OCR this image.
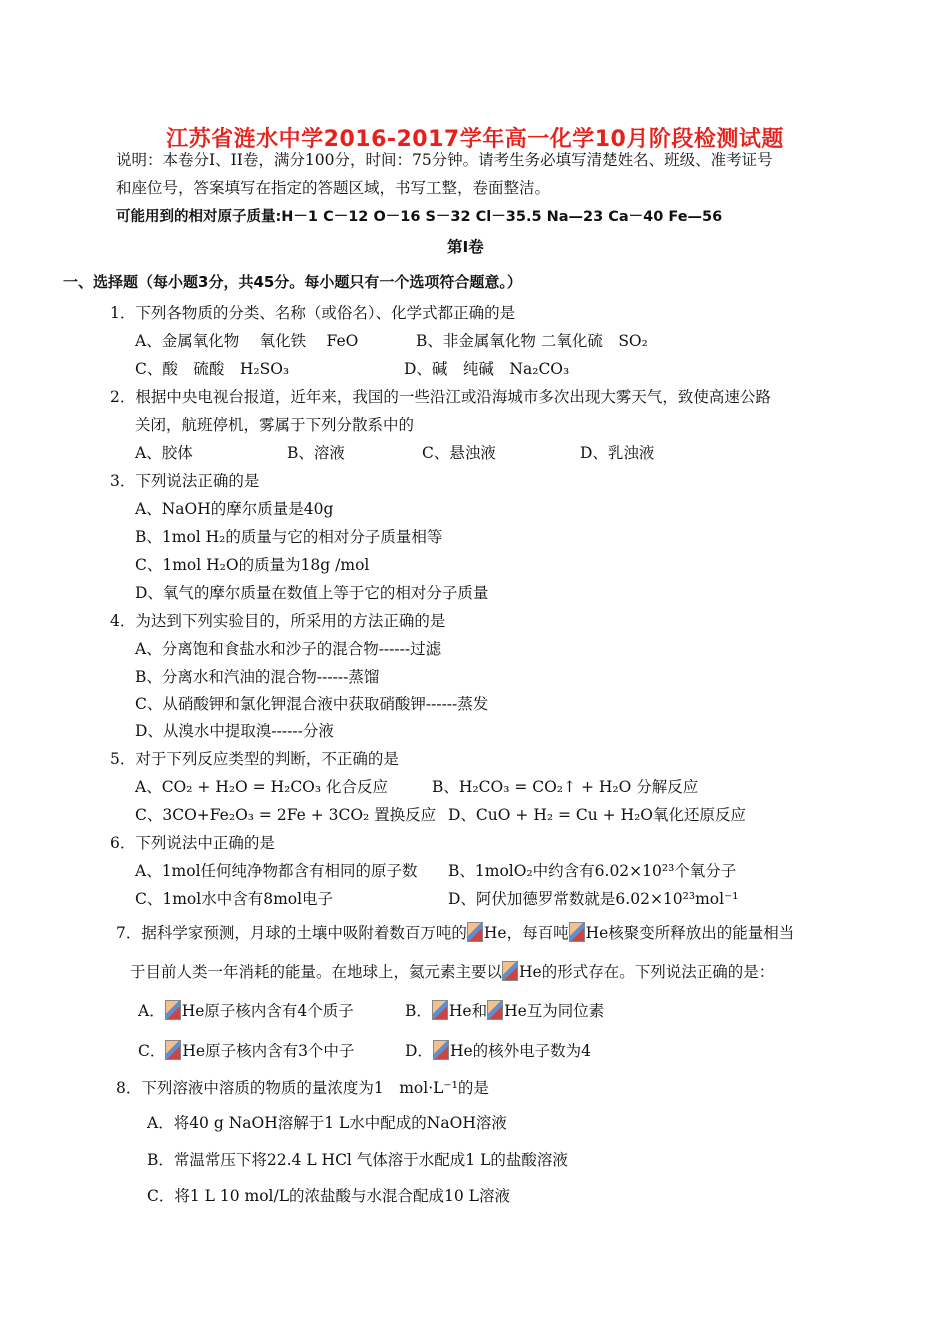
江苏省涟水中学2016-2017学年高一化学10月阶段检测试题
说明：本卷分I、II卷，满分100分，时间：75分钟。请考生务必填写清楚姓名、班级、准考证号
和座位号，答案填写在指定的答题区域，书写工整，卷面整洁。
可能用到的相对原子质量:H－1 C－12 O－16 S－32 Cl－35.5 Na—23 Ca－40 Fe—56
第Ⅰ卷
一、选择题（每小题3分，共45分。每小题只有一个选项符合题意。）
1．下列各物质的分类、名称（或俗名）、化学式都正确的是
A、金属氧化物　 氧化铁　 FeO	B、非金属氧化物 二氧化硫　SO₂
C、酸　硫酸　H₂SO₃	D、碱　纯碱　Na₂CO₃
2．根据中央电视台报道，近年来，我国的一些沿江或沿海城市多次出现大雾天气，致使高速公路
关闭，航班停机，雾属于下列分散系中的
A、胶体	B、溶液	C、悬浊液	D、乳浊液
3．下列说法正确的是
A、NaOH的摩尔质量是40g
B、1mol H₂的质量与它的相对分子质量相等
C、1mol H₂O的质量为18g /mol
D、氧气的摩尔质量在数值上等于它的相对分子质量
4．为达到下列实验目的，所采用的方法正确的是
A、分离饱和食盐水和沙子的混合物------过滤
B、分离水和汽油的混合物------蒸馏
C、从硝酸钾和氯化钾混合液中获取硝酸钾------蒸发
D、从溴水中提取溴------分液
5．对于下列反应类型的判断，不正确的是
A、CO₂ + H₂O = H₂CO₃ 化合反应	B、H₂CO₃ = CO₂↑ + H₂O 分解反应
C、3CO+Fe₂O₃ = 2Fe + 3CO₂ 置换反应 D、CuO + H₂ = Cu + H₂O氧化还原反应
6．下列说法中正确的是
A、1mol任何纯净物都含有相同的原子数 B、1molO₂中约含有6.02×10²³个氧分子
C、1mol水中含有8mol电子	D、阿伏加德罗常数就是6.02×10²³mol⁻¹
7．据科学家预测，月球的土壤中吸附着数百万吨的 He，每百吨 He核聚变所释放出的能量相当
于目前人类一年消耗的能量。在地球上，氦元素主要以 He的形式存在。下列说法正确的是：
A． He原子核内含有4个质子	B． He和 He互为同位素
C． He原子核内含有3个中子	D． He的核外电子数为4
8．下列溶液中溶质的物质的量浓度为1　mol·L⁻¹的是
A．将40 g NaOH溶解于1 L水中配成的NaOH溶液
B．常温常压下将22.4 L HCl 气体溶于水配成1 L的盐酸溶液
C．将1 L 10 mol/L的浓盐酸与水混合配成10 L溶液
